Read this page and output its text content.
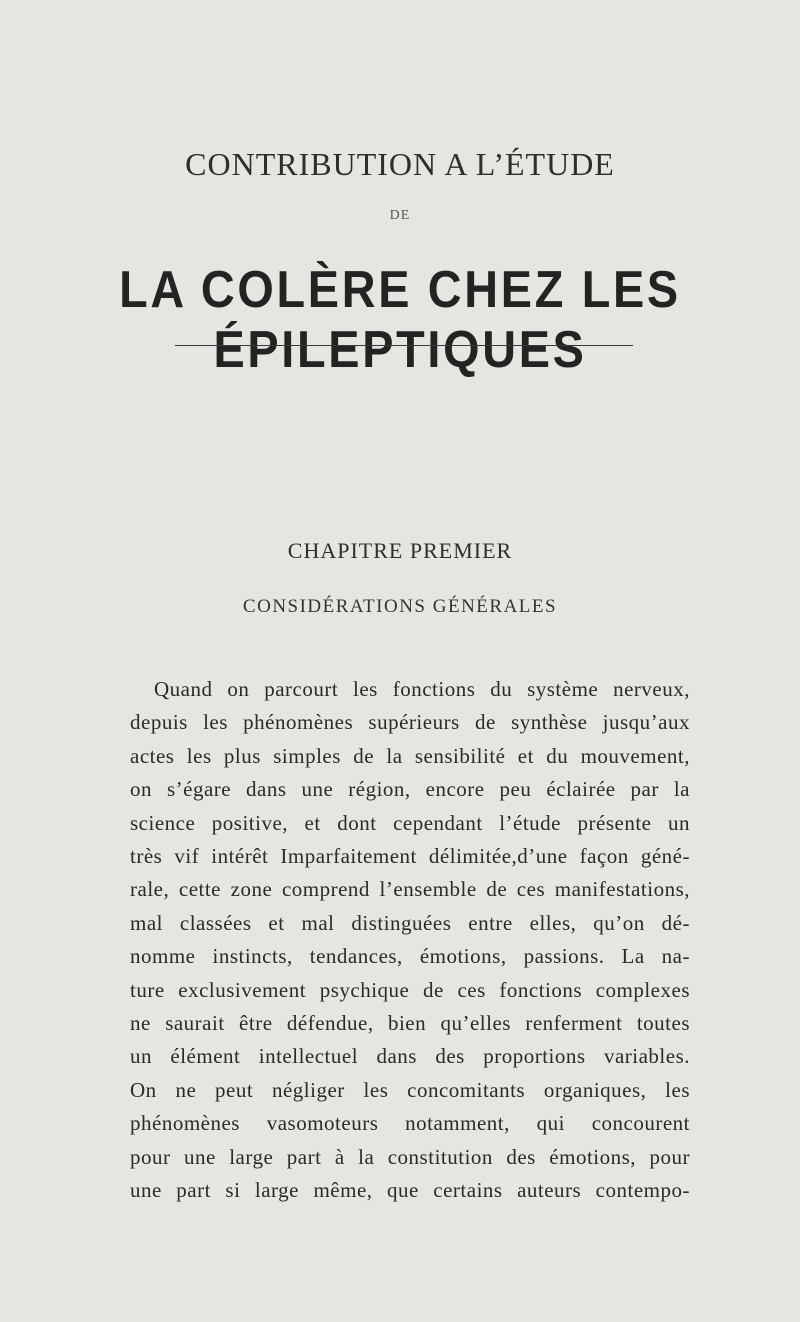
CONTRIBUTION A L’ÉTUDE
DE
LA COLÈRE CHEZ LES ÉPILEPTIQUES
CHAPITRE PREMIER
CONSIDÉRATIONS GÉNÉRALES
Quand on parcourt les fonctions du système nerveux,
depuis les phénomènes supérieurs de synthèse jusqu’aux
actes les plus simples de la sensibilité et du mouvement,
on s’égare dans une région, encore peu éclairée par la
science positive, et dont cependant l’étude présente un
très vif intérêt Imparfaitement délimitée,d’une façon géné-
rale, cette zone comprend l’ensemble de ces manifestations,
mal classées et mal distinguées entre elles, qu’on dé-
nomme instincts, tendances, émotions, passions. La na-
ture exclusivement psychique de ces fonctions complexes
ne saurait être défendue, bien qu’elles renferment toutes
un élément intellectuel dans des proportions variables.
On ne peut négliger les concomitants organiques, les
phénomènes vasomoteurs notamment, qui concourent
pour une large part à la constitution des émotions, pour
une part si large même, que certains auteurs contempo-
